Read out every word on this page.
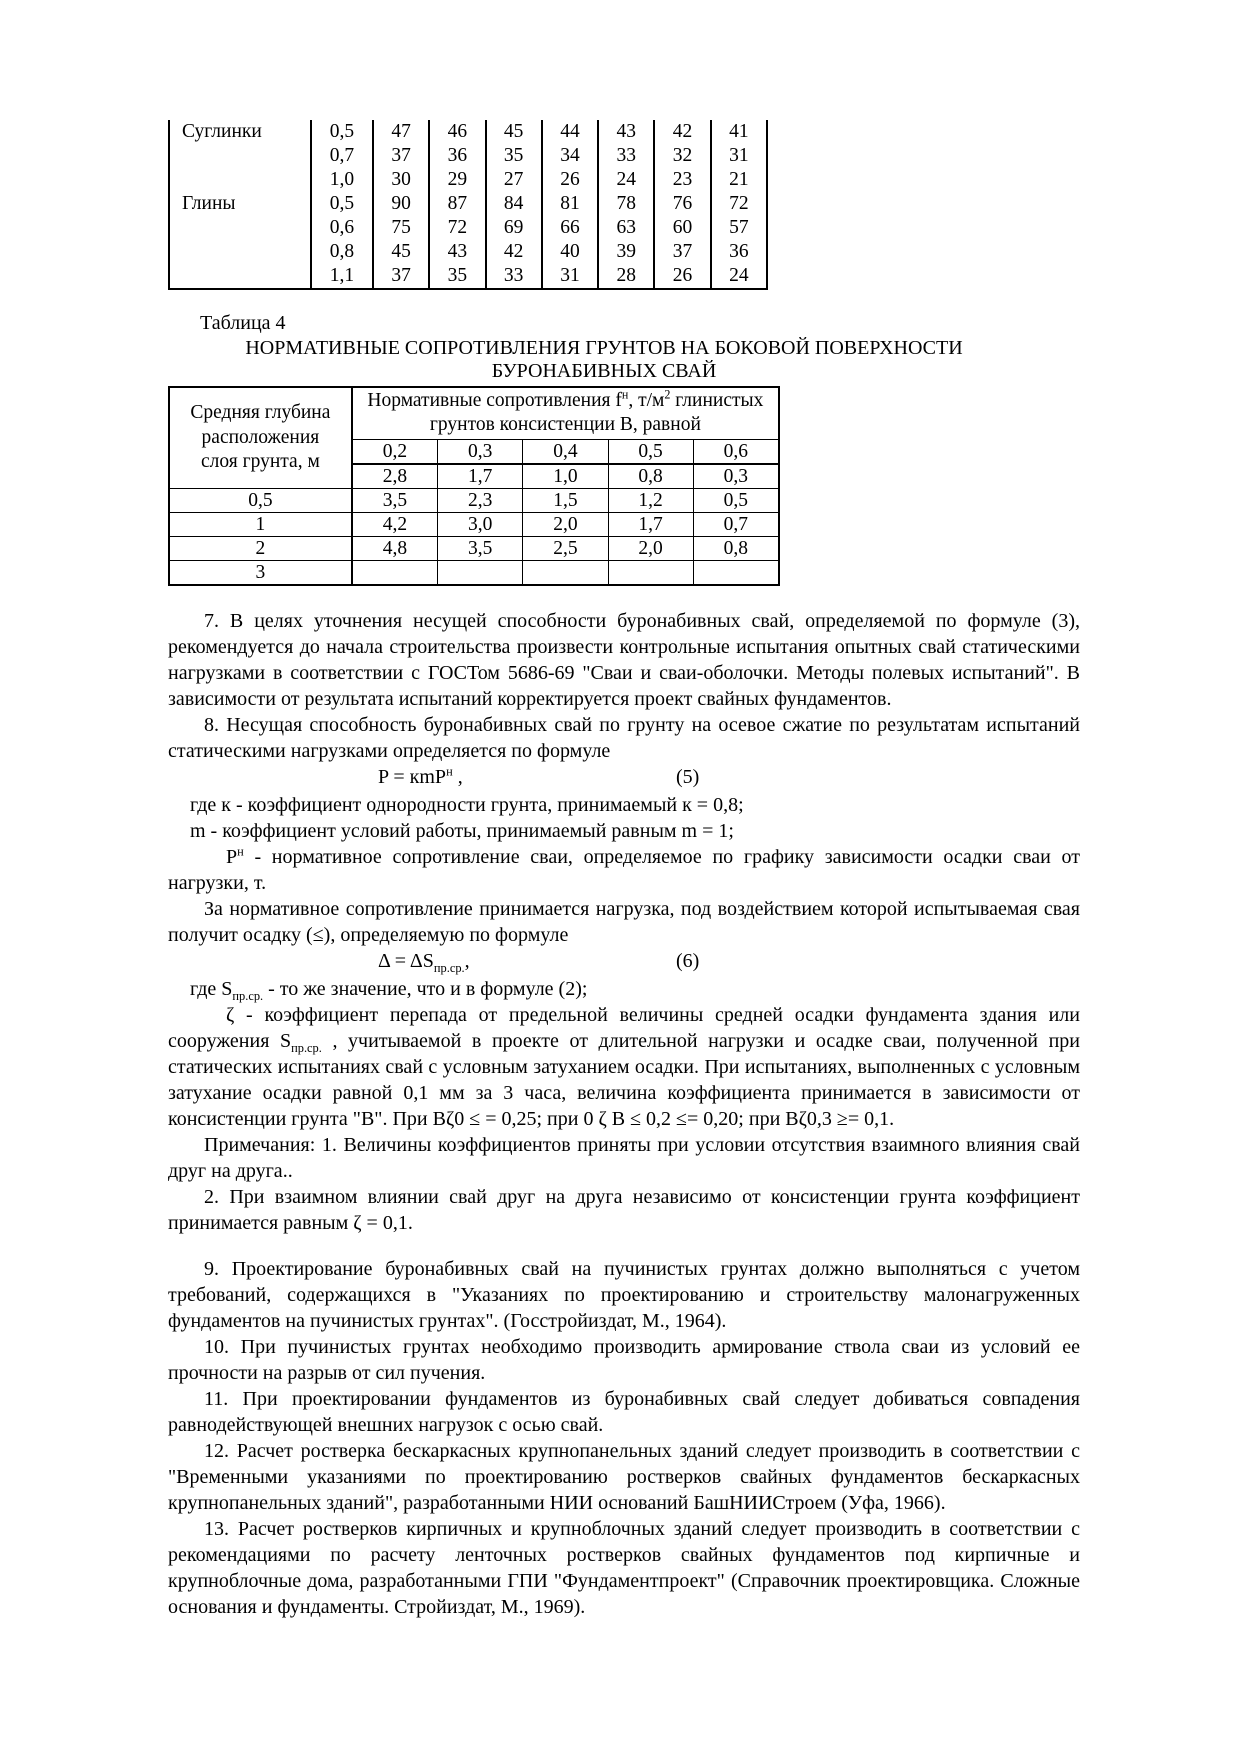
Суглинки	0,5	47	46	45	44	43	42	41
	0,7	37	36	35	34	33	32	31
	1,0	30	29	27	26	24	23	21
Глины	0,5	90	87	84	81	78	76	72
	0,6	75	72	69	66	63	60	57
	0,8	45	43	42	40	39	37	36
	1,1	37	35	33	31	28	26	24
Таблица 4
НОРМАТИВНЫЕ СОПРОТИВЛЕНИЯ ГРУНТОВ НА БОКОВОЙ ПОВЕРХНОСТИ
БУРОНАБИВНЫХ СВАЙ
Средняя глубина
расположения
слоя грунта, м

Нормативные сопротивления $f^н$, $т/м^2$ глинистых
грунтов консистенции В, равной

	0,2	0,3	0,4	0,5	0,6
	2,8	1,7	1,0	0,8	0,3
0,5	3,5	2,3	1,5	1,2	0,5
1	4,2	3,0	2,0	1,7	0,7
2	4,8	3,5	2,5	2,0	0,8
3					

7. В целях уточнения несущей способности буронабивных свай, определяемой по формуле (3), рекомендуется до начала строительства произвести контрольные испытания опытных свай статическими нагрузками в соответствии с ГОСТом 5686-69 "Сваи и сваи-оболочки. Методы полевых испытаний". В зависимости от результата испытаний корректируется проект свайных фундаментов.

8. Несущая способность буронабивных свай по грунту на осевое сжатие по результатам испытаний статическими нагрузками определяется по формуле

P = кmP$^н$ ,	(5)

где к - коэффициент однородности грунта, принимаемый к = 0,8;

m - коэффициент условий работы, принимаемый равным m = 1;

$P^н$ - нормативное сопротивление сваи, определяемое по графику зависимости осадки сваи от нагрузки, т.

За нормативное сопротивление принимается нагрузка, под воздействием которой испытываемая свая получит осадку (≤), определяемую по формуле

$\Delta = \Delta S_{пр.ср.}$,	(6)

где $S_{пр.ср.}$ - то же значение, что и в формуле (2);

ζ - коэффициент перепада от предельной величины средней осадки фундамента здания или сооружения $S_{пр.ср.}$ , учитываемой в проекте от длительной нагрузки и осадке сваи, полученной при статических испытаниях свай с условным затуханием осадки. При испытаниях, выполненных с условным затухание осадки равной 0,1 мм за 3 часа, величина коэффициента принимается в зависимости от консистенции грунта "В". При Вζ0 ≤ = 0,25; при 0 ζ В ≤ 0,2 ≤= 0,20; при Вζ0,3 ≥= 0,1.

Примечания: 1. Величины коэффициентов приняты при условии отсутствия взаимного влияния свай друг на друга..

2. При взаимном влиянии свай друг на друга независимо от консистенции грунта коэффициент принимается равным ζ = 0,1.

9. Проектирование буронабивных свай на пучинистых грунтах должно выполняться с учетом требований, содержащихся в "Указаниях по проектированию и строительству малонагруженных фундаментов на пучинистых грунтах". (Госстройиздат, М., 1964).

10. При пучинистых грунтах необходимо производить армирование ствола сваи из условий ее прочности на разрыв от сил пучения.

11. При проектировании фундаментов из буронабивных свай следует добиваться совпадения равнодействующей внешних нагрузок с осью свай.

12. Расчет ростверка бескаркасных крупнопанельных зданий следует производить в соответствии с "Временными указаниями по проектированию ростверков свайных фундаментов бескаркасных крупнопанельных зданий", разработанными НИИ оснований БашНИИСтроем (Уфа, 1966).

13. Расчет ростверков кирпичных и крупноблочных зданий следует производить в соответствии с рекомендациями по расчету ленточных ростверков свайных фундаментов под кирпичные и крупноблочные дома, разработанными ГПИ "Фундаментпроект" (Справочник проектировщика. Сложные основания и фундаменты. Стройиздат, М., 1969).
